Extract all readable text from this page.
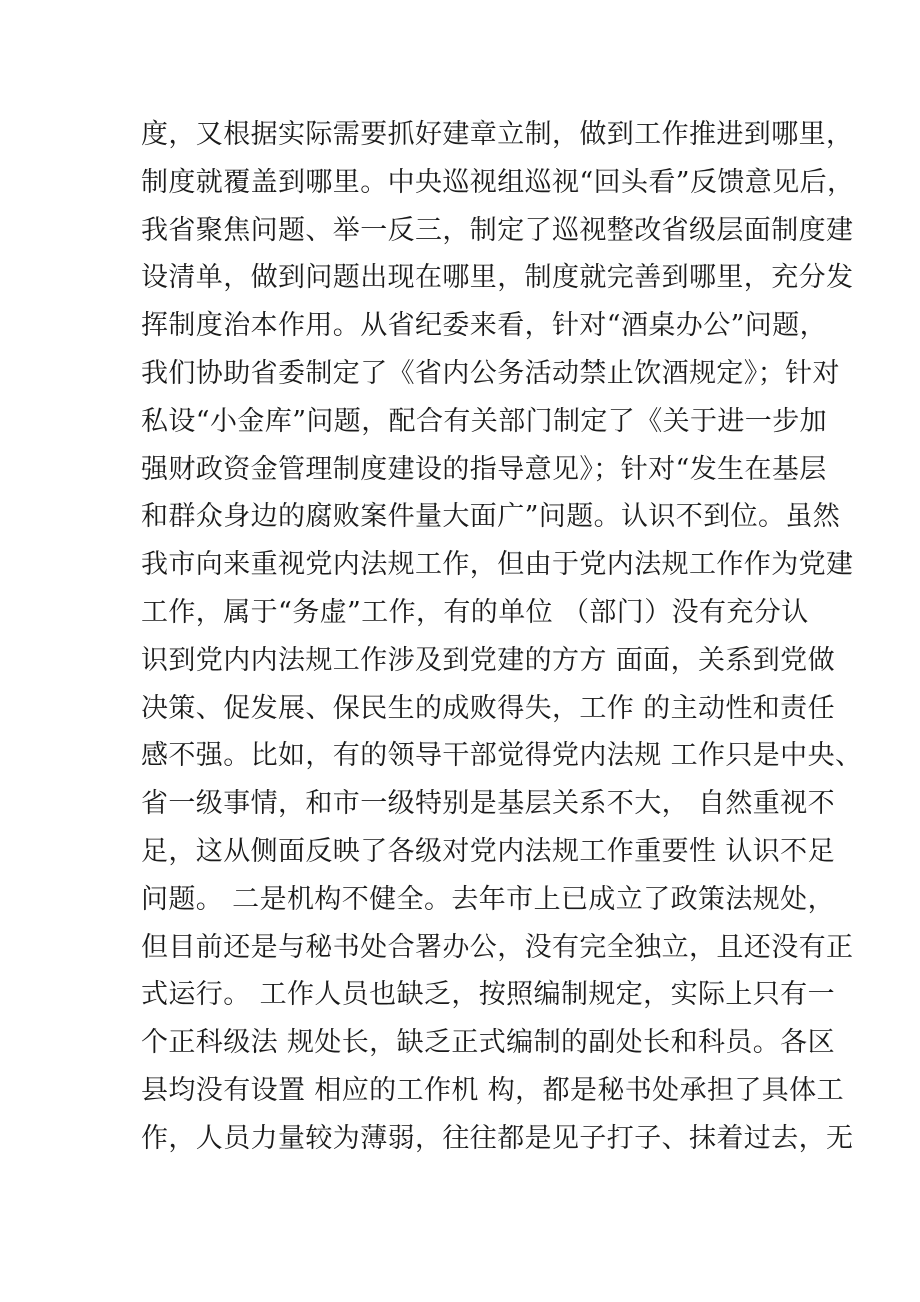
度，又根据实际需要抓好建章立制，做到工作推进到哪里，
制度就覆盖到哪里。中央巡视组巡视“回头看”反馈意见后，
我省聚焦问题、举一反三，制定了巡视整改省级层面制度建
设清单，做到问题出现在哪里，制度就完善到哪里，充分发
挥制度治本作用。从省纪委来看，针对“酒桌办公”问题，
我们协助省委制定了《省内公务活动禁止饮酒规定》；针对
私设“小金库”问题，配合有关部门制定了《关于进一步加
强财政资金管理制度建设的指导意见》；针对“发生在基层
和群众身边的腐败案件量大面广”问题。认识不到位。虽然
我市向来重视党内法规工作，但由于党内法规工作作为党建
工作，属于“务虚”工作，有的单位 （部门）没有充分认
识到党内内法规工作涉及到党建的方方 面面，关系到党做
决策、促发展、保民生的成败得失，工作 的主动性和责任
感不强。比如，有的领导干部觉得党内法规 工作只是中央、
省一级事情，和市一级特别是基层关系不大， 自然重视不
足，这从侧面反映了各级对党内法规工作重要性 认识不足
问题。 二是机构不健全。去年市上已成立了政策法规处，
但目前还是与秘书处合署办公，没有完全独立，且还没有正
式运行。 工作人员也缺乏，按照编制规定，实际上只有一
个正科级法 规处长，缺乏正式编制的副处长和科员。各区
县均没有设置 相应的工作机 构，都是秘书处承担了具体工
作，人员力量较为薄弱，往往都是见子打子、抹着过去，无
